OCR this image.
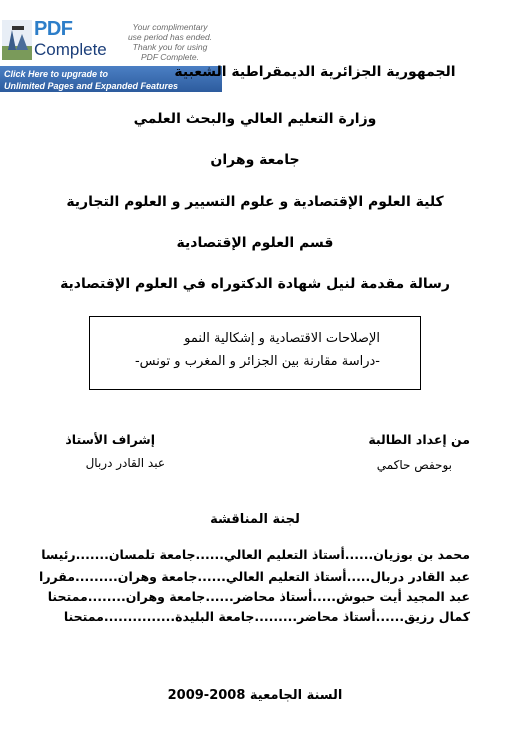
PDF
Complete
Your complimentary
use period has ended.
Thank you for using
PDF Complete.
Click Here to upgrade to
Unlimited Pages and Expanded Features
الجمهورية الجزائرية الديمقراطية الشعبية
وزارة التعليم العالي والبحث العلمي
جامعة وهران
كلية العلوم الإقتصادية و علوم التسيير و العلوم التجارية
قسم العلوم الإقتصادية
رسالة مقدمة لنيل شهادة الدكتوراه في العلوم الإقتصادية
الإصلاحات الاقتصادية و إشكالية النمو
-دراسة مقارنة بين الجزائر و المغرب و تونس-
من إعداد الطالبة
بوحفص حاكمي
إشراف الأستاذ
عبد القادر دربال
لجنة المناقشة
محمد بن بوزيان......أستاذ التعليم العالي......جامعة تلمسان.......رئيسا
عبد القادر دربال.....أستاذ التعليم العالي......جامعة وهران.........مقررا
عبد المجيد أيت حبوش.....أستاذ محاضر......جامعة وهران........ممتحنا
كمال رزيق......أستاذ محاضر.........جامعة البليدة...............ممتحنا
السنة الجامعية 2008-2009
